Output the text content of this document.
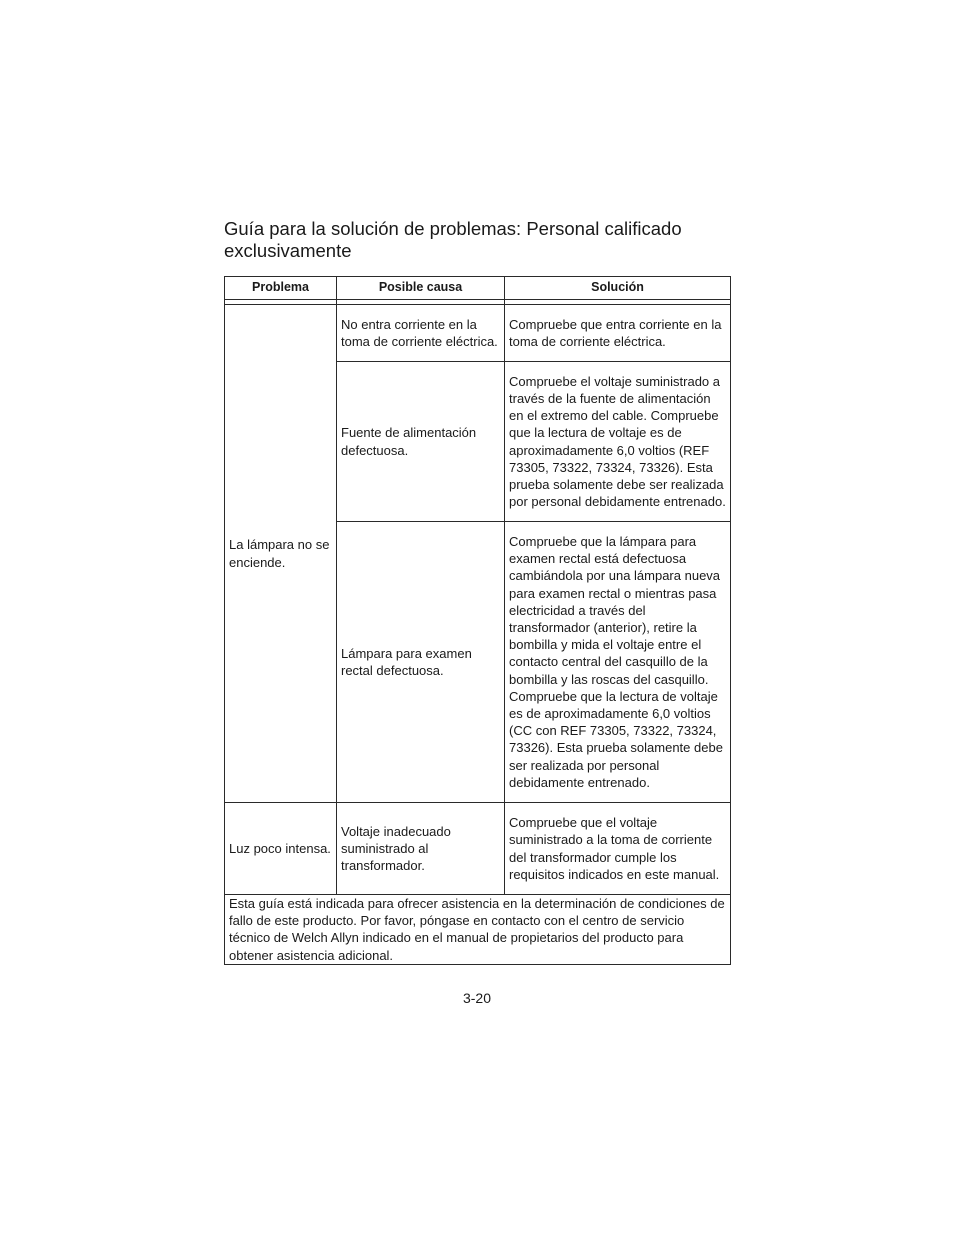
Guía para la solución de problemas: Personal calificado exclusivamente
Problema	Posible causa	Solución

La lámpara no se enciende.	No entra corriente en la toma de corriente eléctrica.	Compruebe que entra corriente en la toma de corriente eléctrica.
	Fuente de alimentación defectuosa.	Compruebe el voltaje suministrado a través de la fuente de alimentación en el extremo del cable. Compruebe que la lectura de voltaje es de aproximadamente 6,0 voltios (REF 73305, 73322, 73324, 73326). Esta prueba solamente debe ser realizada por personal debidamente entrenado.
	Lámpara para examen rectal defectuosa.	Compruebe que la lámpara para examen rectal está defectuosa cambiándola por una lámpara nueva para examen rectal o mientras pasa electricidad a través del transformador (anterior), retire la bombilla y mida el voltaje entre el contacto central del casquillo de la bombilla y las roscas del casquillo. Compruebe que la lectura de voltaje es de aproximadamente 6,0 voltios (CC con REF 73305, 73322, 73324, 73326). Esta prueba solamente debe ser realizada por personal debidamente entrenado.
Luz poco intensa.	Voltaje inadecuado suministrado al transformador.	Compruebe que el voltaje suministrado a la toma de corriente del transformador cumple los requisitos indicados en este manual.
Esta guía está indicada para ofrecer asistencia en la determinación de condiciones de fallo de este producto. Por favor, póngase en contacto con el centro de servicio técnico de Welch Allyn indicado en el manual de propietarios del producto para obtener asistencia adicional.		
3-20
